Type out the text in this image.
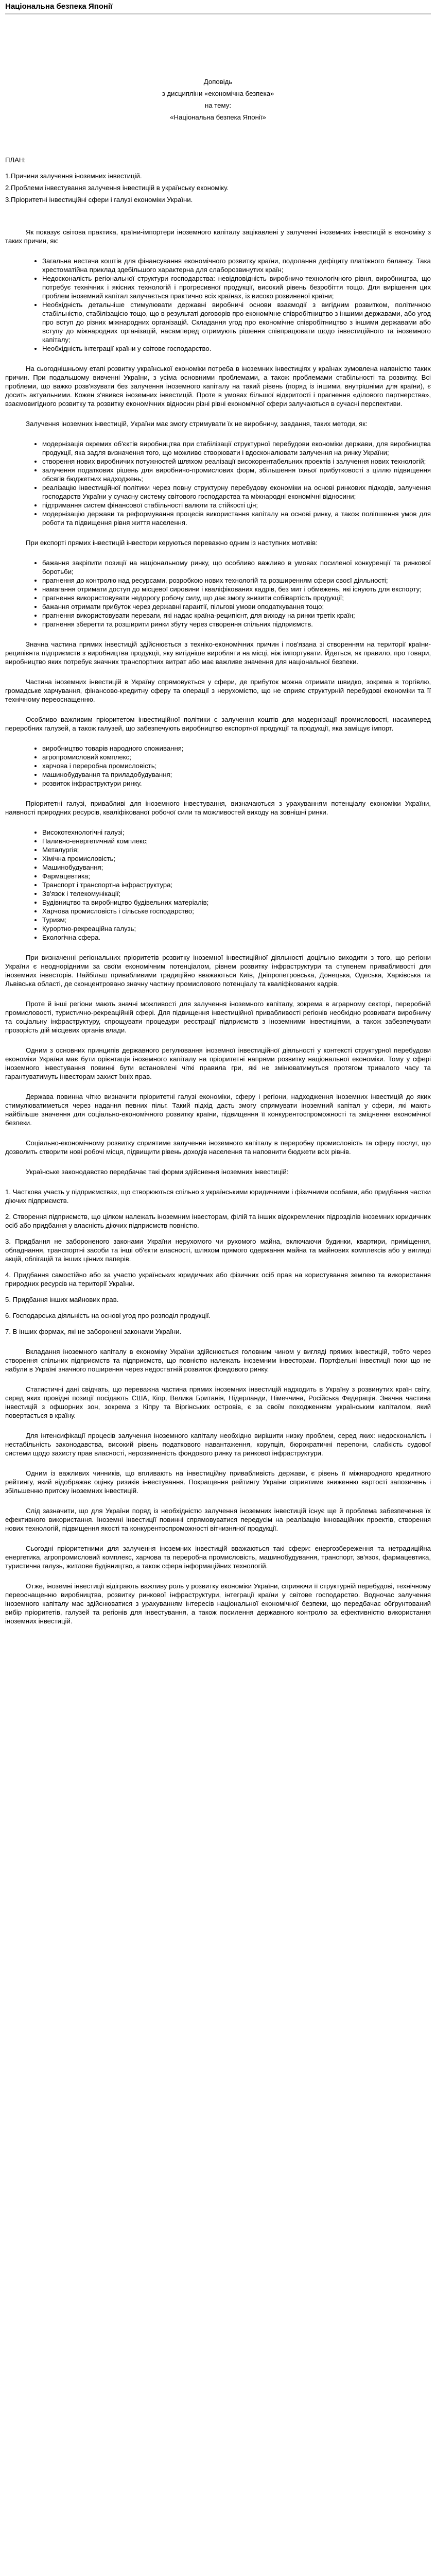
Національна безпека Японії
Доповідь
з дисципліни «економічна безпека»
на тему:
«Національна безпека Японії»
ПЛАН:
1.Причини залучення іноземних інвестицій.
2.Проблеми інвестування залучення інвестицій в українську економіку.
3.Пріоритетні інвестиційні сфери і галузі економіки України.

Як показує світова практика, країни-імпортери іноземного капіталу зацікавлені у залученні іноземних інвестицій в економіку з таких причин, як:

• Загальна нестача коштів для фінансування економічного розвитку країни, подолання дефіциту платіжного балансу. Така хрестоматійна приклад здебільшого характерна для слаборозвинутих країн;
• Недосконалість регіональної структури господарства: невідповідність виробничо-технологічного рівня, виробництва, що потребує технічних і якісних технологій і прогресивної продукції, високий рівень безробіття тощо. Для вирішення цих проблем іноземний капітал залучається практично всіх країнах, із високо розвиненої країни;
• Необхідність детальніше стимулювати державні виробничі основи взаємодії з вигідним розвитком, політичною стабільністю, стабілізацією тощо, що в результаті договорів про економічне співробітництво з іншими державами, або угод про вступ до різних міжнародних організацій. Складання угод про економічне співробітництво з іншими державами або вступу до міжнародних організацій, насамперед отримують рішення співпрацювати щодо інвестиційного та іноземного капіталу;
• Необхідність інтеграції країни у світове господарство.

На сьогоднішньому етапі розвитку української економіки потреба в іноземних інвестиціях у країнах зумовлена наявністю таких причин. При подальшому вивченні України, з усіма основними проблемами, а також проблемами стабільності та розвитку. Всі проблеми, що важко розв'язувати без залучення іноземного капіталу на такий рівень (поряд із іншими, внутрішніми для країни), є досить актуальними. Кожен з'явився іноземних інвестицій. Проте в умовах більшої відкритості і прагнення «ділового партнерства», взаємовигідного розвитку та розвитку економічних відносин різні рівні економічної сфери залучаються в сучасні перспективи.

Залучення іноземних інвестицій, України має змогу стримувати їх не виробничу, завдання, таких методи, як:

• модернізація окремих об'єктів виробництва при стабілізації структурної перебудови економіки держави, для виробництва продукції, яка задля визначення того, що можливо створювати і вдосконалювати залучення на ринку України;
• створення нових виробничих потужностей шляхом реалізації високорентабельних проектів і залучення нових технологій;
• залучення податкових рішень для виробничо-промислових форм, збільшення їхньої прибутковості з ціллю підвищення обсягів бюджетних надходжень;
• реалізацію інвестиційної політики через повну структурну перебудову економіки на основі ринкових підходів, залучення господарств України у сучасну систему світового господарства та міжнародні економічні відносини;
• підтримання систем фінансової стабільності валюти та стійкості цін;
• модернізацію держави та реформування процесів використання капіталу на основі ринку, а також поліпшення умов для роботи та підвищення рівня життя населення.

При експорті прямих інвестицій інвестори керуються переважно одним із наступних мотивів:

• бажання закріпити позиції на національному ринку, що особливо важливо в умовах посиленої конкуренції та ринкової боротьби;
• прагнення до контролю над ресурсами, розробкою нових технологій та розширенням сфери своєї діяльності;
• намагання отримати доступ до місцевої сировини і кваліфікованих кадрів, без мит і обмежень, які існують для експорту;
• прагнення використовувати недорогу робочу силу, що дає змогу знизити собівартість продукції;
• бажання отримати прибуток через державні гарантії, пільгові умови оподаткування тощо;
• прагнення використовувати переваги, які надає країна-реципієнт, для виходу на ринки третіх країн;
• прагнення зберегти та розширити ринки збуту через створення спільних підприємств.

Значна частина прямих інвестицій здійснюється з техніко-економічних причин і пов'язана зі створенням на території країни-реципієнта підприємств з виробництва продукції, яку вигідніше виробляти на місці, ніж імпортувати. Йдеться, як правило, про товари, виробництво яких потребує значних транспортних витрат або має важливе значення для національної безпеки.

Частина іноземних інвестицій в Україну спрямовується у сфери, де прибуток можна отримати швидко, зокрема в торгівлю, громадське харчування, фінансово-кредитну сферу та операції з нерухомістю, що не сприяє структурній перебудові економіки та її технічному переоснащенню.

Особливо важливим пріоритетом інвестиційної політики є залучення коштів для модернізації промисловості, насамперед переробних галузей, а також галузей, що забезпечують виробництво експортної продукції та продукції, яка заміщує імпорт.

• виробництво товарів народного споживання;
• агропромисловий комплекс;
• харчова і переробна промисловість;
• машинобудування та приладобудування;
• розвиток інфраструктури ринку.

Пріоритетні галузі, привабливі для іноземного інвестування, визначаються з урахуванням потенціалу економіки України, наявності природних ресурсів, кваліфікованої робочої сили та можливостей виходу на зовнішні ринки.

• Високотехнологічні галузі;
• Паливно-енергетичний комплекс;
• Металургія;
• Хімічна промисловість;
• Машинобудування;
• Фармацевтика;
• Транспорт і транспортна інфраструктура;
• Зв'язок і телекомунікації;
• Будівництво та виробництво будівельних матеріалів;
• Харчова промисловість і сільське господарство;
• Туризм;
• Курортно-рекреаційна галузь;
• Екологічна сфера.

При визначенні регіональних пріоритетів розвитку іноземної інвестиційної діяльності доцільно виходити з того, що регіони України є неоднорідними за своїм економічним потенціалом, рівнем розвитку інфраструктури та ступенем привабливості для іноземних інвесторів. Найбільш привабливими традиційно вважаються Київ, Дніпропетровська, Донецька, Одеська, Харківська та Львівська області, де сконцентровано значну частину промислового потенціалу та кваліфікованих кадрів.

Проте й інші регіони мають значні можливості для залучення іноземного капіталу, зокрема в аграрному секторі, переробній промисловості, туристично-рекреаційній сфері. Для підвищення інвестиційної привабливості регіонів необхідно розвивати виробничу та соціальну інфраструктуру, спрощувати процедури реєстрації підприємств з іноземними інвестиціями, а також забезпечувати прозорість дій місцевих органів влади.

Одним з основних принципів державного регулювання іноземної інвестиційної діяльності у контексті структурної перебудови економіки України має бути орієнтація іноземного капіталу на пріоритетні напрями розвитку національної економіки. Тому у сфері іноземного інвестування повинні бути встановлені чіткі правила гри, які не змінюватимуться протягом тривалого часу та гарантуватимуть інвесторам захист їхніх прав.

Держава повинна чітко визначити пріоритетні галузі економіки, сферу і регіони, надходження іноземних інвестицій до яких стимулюватиметься через надання певних пільг. Такий підхід дасть змогу спрямувати іноземний капітал у сфери, які мають найбільше значення для соціально-економічного розвитку країни, підвищення її конкурентоспроможності та зміцнення економічної безпеки.

Соціально-економічному розвитку сприятиме залучення іноземного капіталу в переробну промисловість та сферу послуг, що дозволить створити нові робочі місця, підвищити рівень доходів населення та наповнити бюджети всіх рівнів.

Українське законодавство передбачає такі форми здійснення іноземних інвестицій:

1. Часткова участь у підприємствах, що створюються спільно з українськими юридичними і фізичними особами, або придбання частки діючих підприємств.
2. Створення підприємств, що цілком належать іноземним інвесторам, філій та інших відокремлених підрозділів іноземних юридичних осіб або придбання у власність діючих підприємств повністю.
3. Придбання не забороненого законами України нерухомого чи рухомого майна, включаючи будинки, квартири, приміщення, обладнання, транспортні засоби та інші об'єкти власності, шляхом прямого одержання майна та майнових комплексів або у вигляді акцій, облігацій та інших цінних паперів.
4. Придбання самостійно або за участю українських юридичних або фізичних осіб прав на користування землею та використання природних ресурсів на території України.
5. Придбання інших майнових прав.
6. Господарська діяльність на основі угод про розподіл продукції.
7. В інших формах, які не заборонені законами України.

Вкладання іноземного капіталу в економіку України здійснюється головним чином у вигляді прямих інвестицій, тобто через створення спільних підприємств та підприємств, що повністю належать іноземним інвесторам. Портфельні інвестиції поки що не набули в Україні значного поширення через недостатній розвиток фондового ринку.

Статистичні дані свідчать, що переважна частина прямих іноземних інвестицій надходить в Україну з розвинутих країн світу, серед яких провідні позиції посідають США, Кіпр, Велика Британія, Нідерланди, Німеччина, Російська Федерація. Значна частина інвестицій з офшорних зон, зокрема з Кіпру та Віргінських островів, є за своїм походженням українським капіталом, який повертається в країну.

Для інтенсифікації процесів залучення іноземного капіталу необхідно вирішити низку проблем, серед яких: недосконалість і нестабільність законодавства, високий рівень податкового навантаження, корупція, бюрократичні перепони, слабкість судової системи щодо захисту прав власності, нерозвиненість фондового ринку та ринкової інфраструктури.

Одним із важливих чинників, що впливають на інвестиційну привабливість держави, є рівень її міжнародного кредитного рейтингу, який відображає оцінку ризиків інвестування. Покращення рейтингу України сприятиме зниженню вартості запозичень і збільшенню притоку іноземних інвестицій.

Слід зазначити, що для України поряд із необхідністю залучення іноземних інвестицій існує ще й проблема забезпечення їх ефективного використання. Іноземні інвестиції повинні спрямовуватися передусім на реалізацію інноваційних проектів, створення нових технологій, підвищення якості та конкурентоспроможності вітчизняної продукції.

Сьогодні пріоритетними для залучення іноземних інвестицій вважаються такі сфери: енергозбереження та нетрадиційна енергетика, агропромисловий комплекс, харчова та переробна промисловість, машинобудування, транспорт, зв'язок, фармацевтика, туристична галузь, житлове будівництво, а також сфера інформаційних технологій.

Отже, іноземні інвестиції відіграють важливу роль у розвитку економіки України, сприяючи її структурній перебудові, технічному переоснащенню виробництва, розвитку ринкової інфраструктури, інтеграції країни у світове господарство. Водночас залучення іноземного капіталу має здійснюватися з урахуванням інтересів національної економічної безпеки, що передбачає обґрунтований вибір пріоритетів, галузей та регіонів для інвестування, а також посилення державного контролю за ефективністю використання іноземних інвестицій.
